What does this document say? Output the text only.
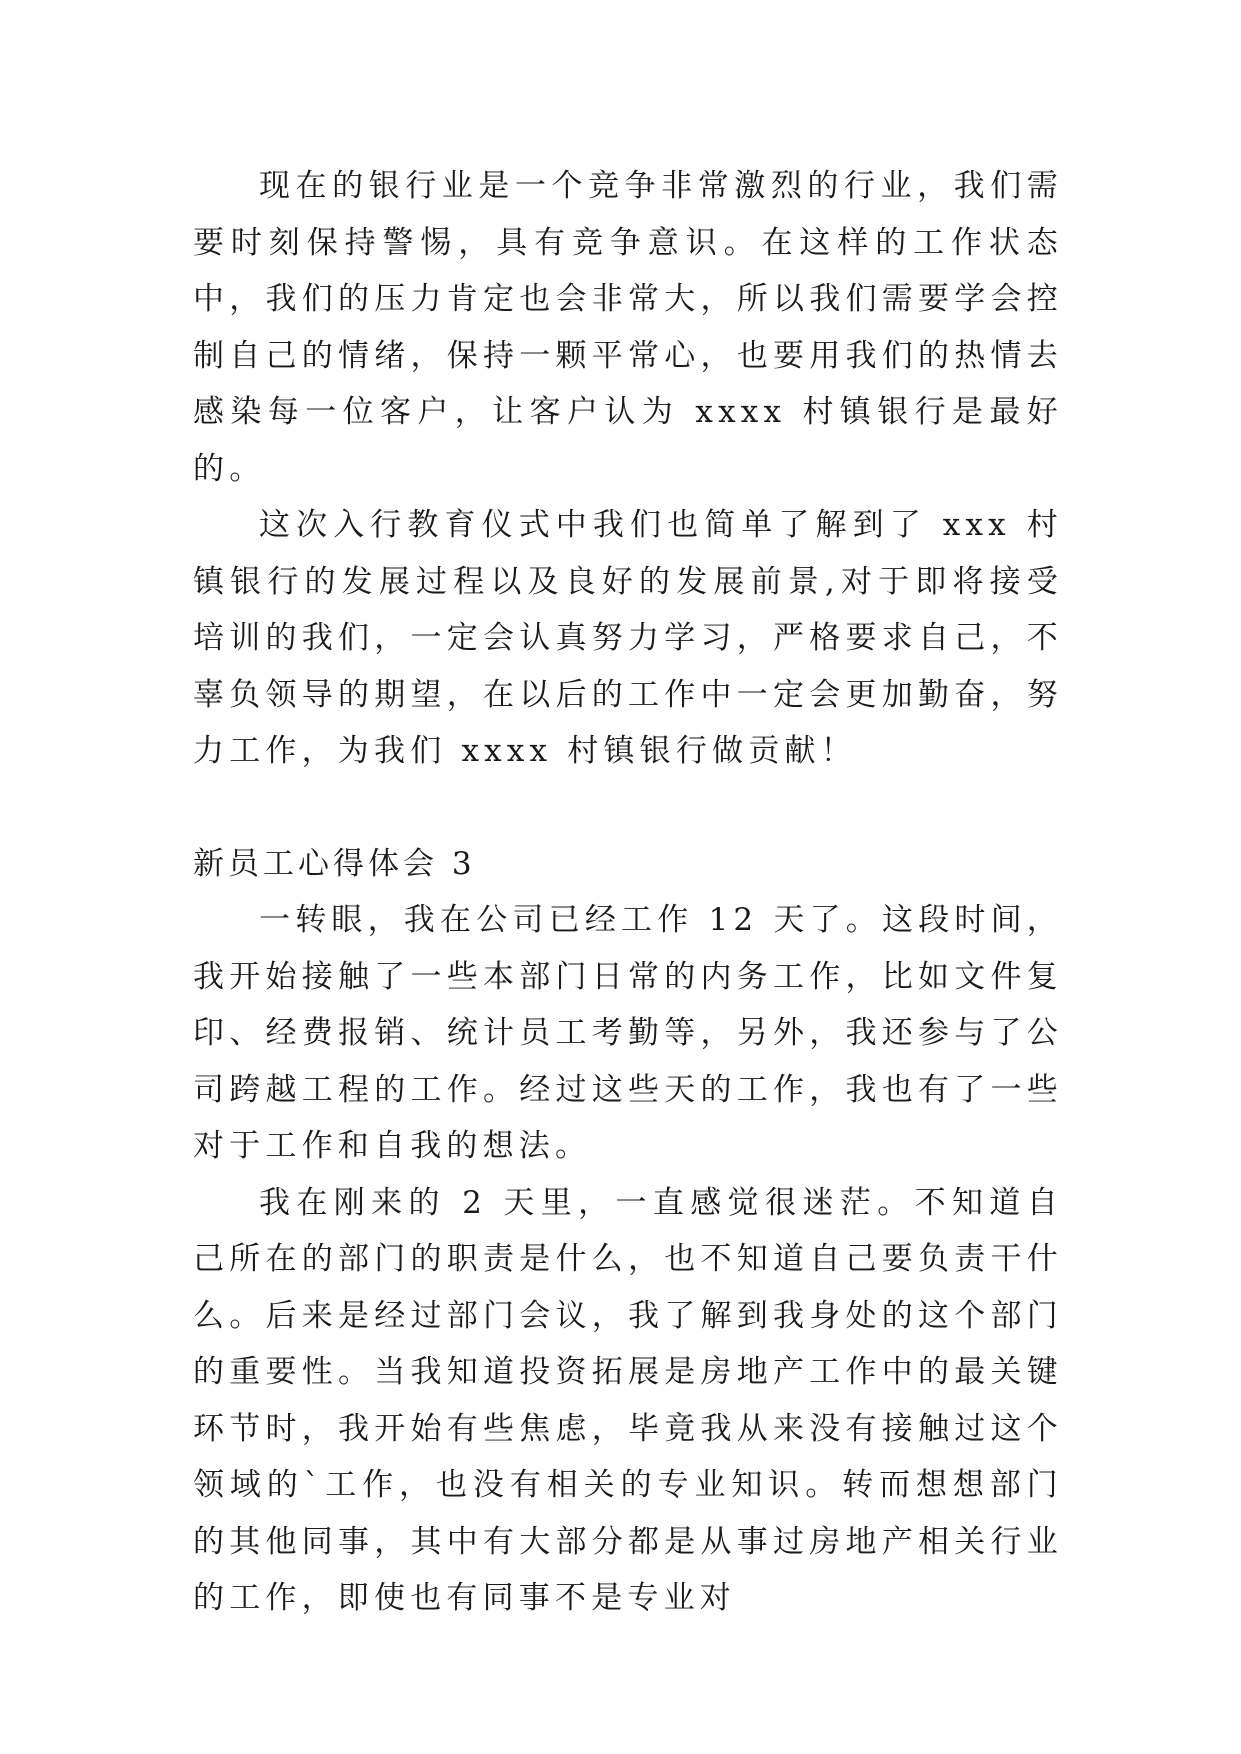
现在的银行业是一个竞争非常激烈的行业，我们需要时刻保持警惕，具有竞争意识。在这样的工作状态中，我们的压力肯定也会非常大，所以我们需要学会控制自己的情绪，保持一颗平常心，也要用我们的热情去感染每一位客户，让客户认为 xxxx 村镇银行是最好的。

这次入行教育仪式中我们也简单了解到了 xxx 村镇银行的发展过程以及良好的发展前景,对于即将接受培训的我们，一定会认真努力学习，严格要求自己，不辜负领导的期望，在以后的工作中一定会更加勤奋，努力工作，为我们 xxxx 村镇银行做贡献！

新员工心得体会 3

一转眼，我在公司已经工作 12 天了。这段时间，我开始接触了一些本部门日常的内务工作，比如文件复印、经费报销、统计员工考勤等，另外，我还参与了公司跨越工程的工作。经过这些天的工作，我也有了一些对于工作和自我的想法。

我在刚来的 2 天里，一直感觉很迷茫。不知道自己所在的部门的职责是什么，也不知道自己要负责干什么。后来是经过部门会议，我了解到我身处的这个部门的重要性。当我知道投资拓展是房地产工作中的最关键环节时，我开始有些焦虑，毕竟我从来没有接触过这个领域的`工作，也没有相关的专业知识。转而想想部门的其他同事，其中有大部分都是从事过房地产相关行业的工作，即使也有同事不是专业对
